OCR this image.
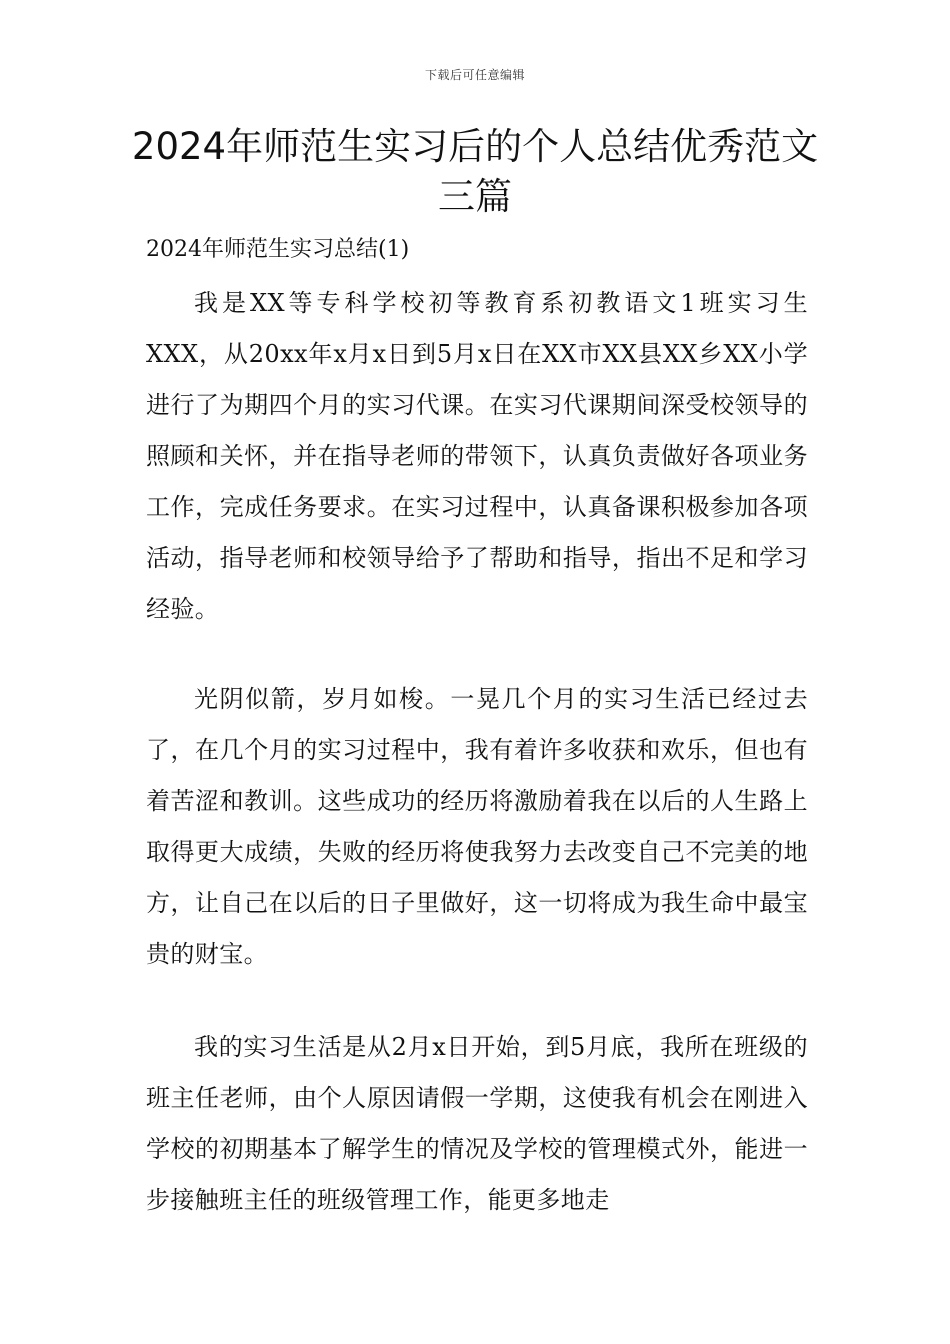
下载后可任意编辑
2024年师范生实习后的个人总结优秀范文三篇

2024年师范生实习总结(1)

我是XX等专科学校初等教育系初教语文1班实习生XXX，从20xx年x月x日到5月x日在XX市XX县XX乡XX小学进行了为期四个月的实习代课。在实习代课期间深受校领导的照顾和关怀，并在指导老师的带领下，认真负责做好各项业务工作，完成任务要求。在实习过程中，认真备课积极参加各项活动，指导老师和校领导给予了帮助和指导，指出不足和学习经验。

光阴似箭，岁月如梭。一晃几个月的实习生活已经过去了，在几个月的实习过程中，我有着许多收获和欢乐，但也有着苦涩和教训。这些成功的经历将激励着我在以后的人生路上取得更大成绩，失败的经历将使我努力去改变自己不完美的地方，让自己在以后的日子里做好，这一切将成为我生命中最宝贵的财宝。

我的实习生活是从2月x日开始，到5月底，我所在班级的班主任老师，由个人原因请假一学期，这使我有机会在刚进入学校的初期基本了解学生的情况及学校的管理模式外，能进一步接触班主任的班级管理工作，能更多地走
